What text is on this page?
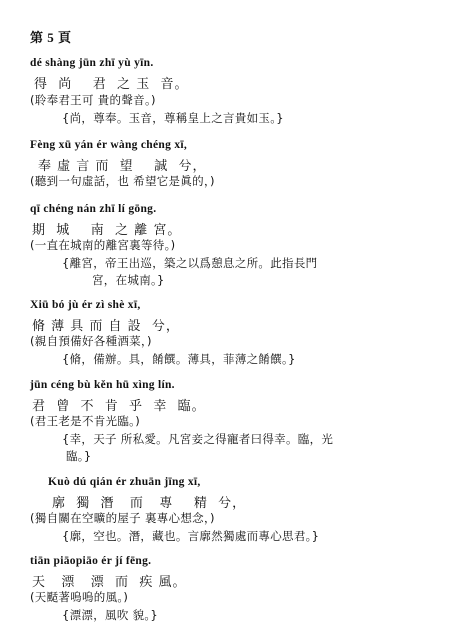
第 5 頁
dé shàng jūn zhī yù yīn.
得  尚    君  之 玉  音。
(聆奉君王可 貴的聲音。)
{尚，尊奉。玉音，尊稱皇上之言貴如玉。}
Fèng xū yán ér wàng chéng xī,
奉 虛 言 而  望    誠  兮，
(聽到一句虛話，也 希望它是眞的，)
qī chéng nán zhī lí gōng.
期  城    南  之 離 宮。
(一直在城南的離宮裏等待。)
{離宮，帝王出巡，築之以爲憩息之所。此指長門
宮，在城南。}
Xiū bó jù ér zì shè xī,
脩 薄 具 而 自 設  兮，
(親自預備好各種酒菜，)
{脩，備辦。具，餚饌。薄具，菲薄之餚饌。}
jūn céng bù kěn hū xìng lín.
君  曾  不  肯  乎  幸  臨。
(君王老是不肯光臨。)
{幸，天子 所私愛。凡宮妾之得寵者曰得幸。臨，光
臨。}
Kuò dú qián ér zhuān jīng xī,
廓  獨  潛   而   專    精  兮，
(獨自關在空曠的屋子 裏專心想念，)
{廓，空也。潛，藏也。言廓然獨處而專心思君。}
tiān piāopiāo ér jí fēng.
天   漂   漂  而  疾 風。
(天颳著嗚嗚的風。)
{漂漂，風吹 貌。}
